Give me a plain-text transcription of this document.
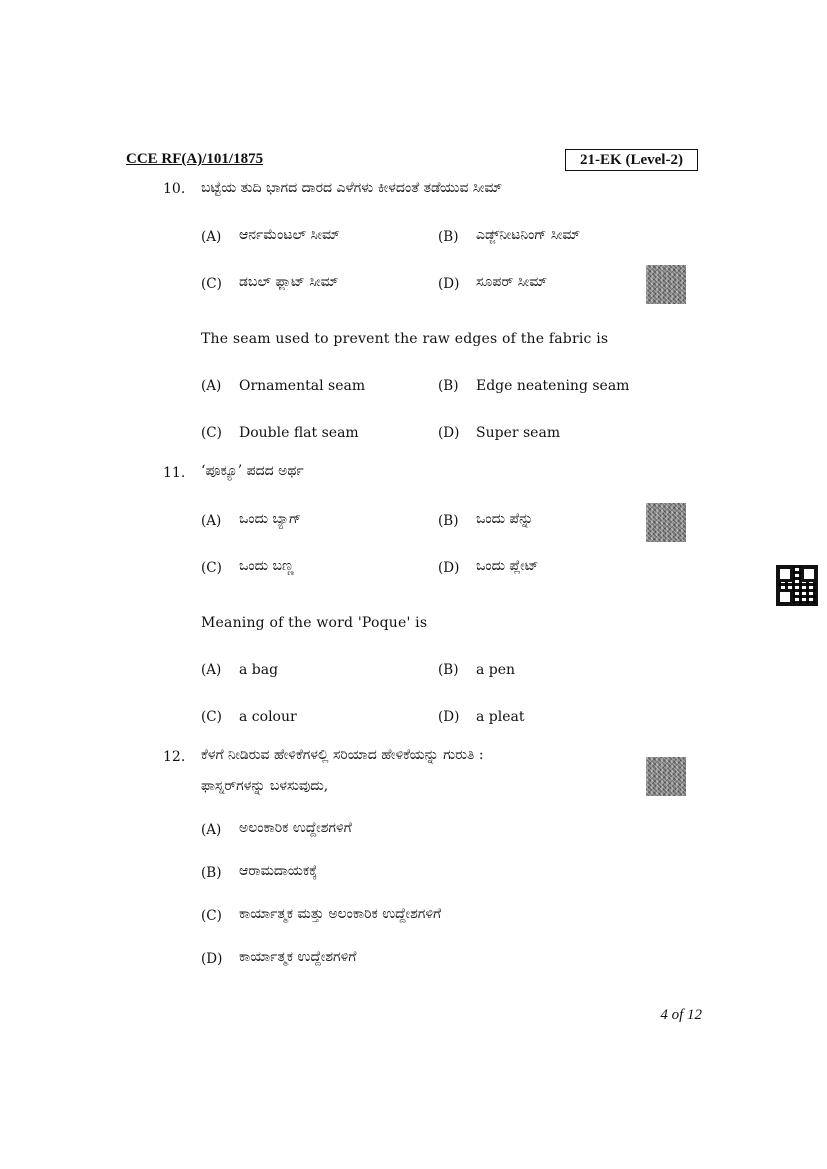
CCE RF(A)/101/1875	21-EK (Level-2)
10. ಬಟ್ಟೆಯ ತುದಿ ಭಾಗದ ದಾರದ ಎಳೆಗಳು ಕೀಳದಂತೆ ತಡೆಯುವ ಸೀಮ್
(A) ಆರ್ನಮೆಂಟಲ್ ಸೀಮ್	(B) ಎಡ್ಜ್‌ನೀಟನಿಂಗ್ ಸೀಮ್
(C) ಡಬಲ್ ಫ್ಲಾಟ್ ಸೀಮ್	(D) ಸೂಪರ್ ಸೀಮ್
The seam used to prevent the raw edges of the fabric is
(A) Ornamental seam	(B) Edge neatening seam
(C) Double flat seam	(D) Super seam
11. ‘ಪೂಕ್ಯೂ’ ಪದದ ಅರ್ಥ
(A) ಒಂದು ಬ್ಯಾಗ್	(B) ಒಂದು ಪೆನ್ನು
(C) ಒಂದು ಬಣ್ಣ	(D) ಒಂದು ಪ್ಲೇಟ್
Meaning of the word 'Poque' is
(A) a bag	(B) a pen
(C) a colour	(D) a pleat
12. ಕೆಳಗೆ ನೀಡಿರುವ ಹೇಳಿಕೆಗಳಲ್ಲಿ ಸರಿಯಾದ ಹೇಳಿಕೆಯನ್ನು ಗುರುತಿ :
ಫಾಸ್ನರ್‌ಗಳನ್ನು ಬಳಸುವುದು,
(A) ಅಲಂಕಾರಿಕ ಉದ್ದೇಶಗಳಿಗೆ
(B) ಆರಾಮದಾಯಕಕ್ಕೆ
(C) ಕಾರ್ಯಾತ್ಮಕ ಮತ್ತು ಅಲಂಕಾರಿಕ ಉದ್ದೇಶಗಳಿಗೆ
(D) ಕಾರ್ಯಾತ್ಮಕ ಉದ್ದೇಶಗಳಿಗೆ
4 of 12
